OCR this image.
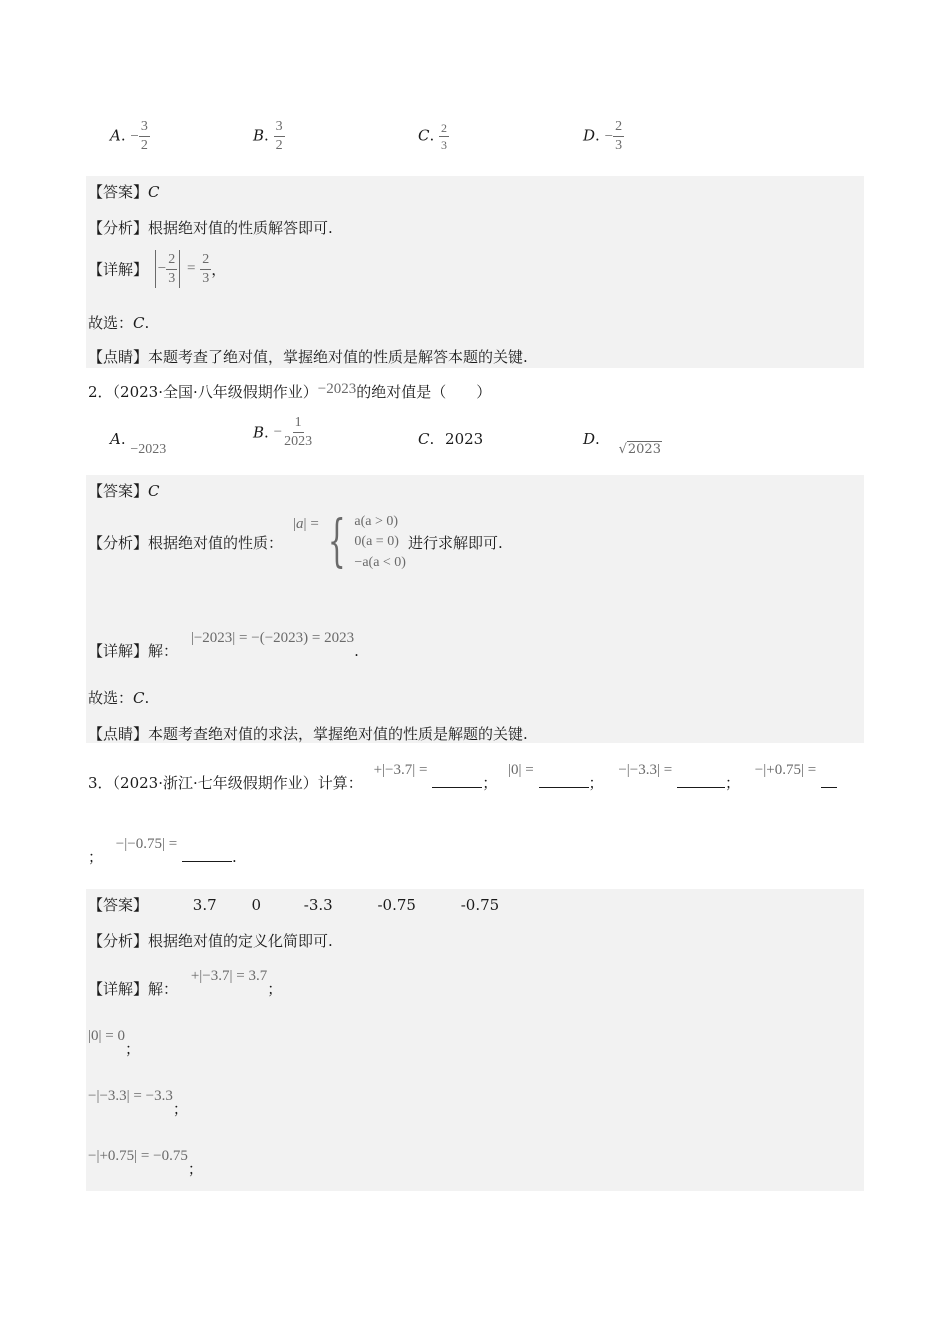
A. − $\frac{3}{2}$	B. $\frac{3}{2}$	C. $\frac{2}{3}$	D. − $\frac{2}{3}$
【答案】C
【分析】根据绝对值的性质解答即可.
【详解】 − $\frac{2}{3} = \frac{2}{3}$ ，
故选：C.
【点睛】本题考查了绝对值，掌握绝对值的性质是解答本题的关键.
2．（2023·全国·八年级假期作业）−2023的绝对值是（　　）
A. −2023
B. − $\frac{1}{2023}$	C. 2023	D. √2023
【答案】C
【分析】 根据绝对值的性质：
|a| = { a(a > 0)
0(a = 0)
−a(a < 0)
进行求解即可.
【详解】解： |−2023| = −(−2023) = 2023.
故选：C.
【点睛】本题考查绝对值的求法，掌握绝对值的性质是解题的关键.
3．（2023·浙江·七年级假期作业）计算： +|−3.7| = ； |0| = ； −|−3.3| = ； −|+0.75| =
； −|−0.75| = .
【答案】	3.7 0	-3.3	-0.75	-0.75
【分析】根据绝对值的定义化简即可.
【详解】解： +|−3.7| = 3.7；
|0| = 0；
−|−3.3| = −3.3；
−|+0.75| = −0.75；
